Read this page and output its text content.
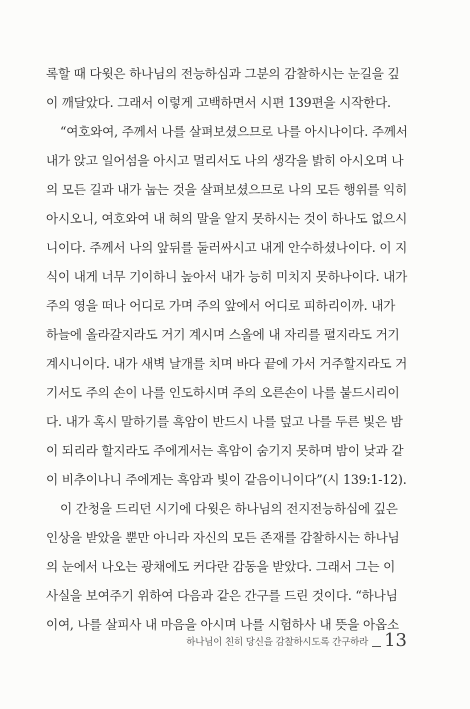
록할 때 다윗은 하나님의 전능하심과 그분의 감찰하시는 눈길을 깊
이 깨달았다. 그래서 이렇게 고백하면서 시편 139편을 시작한다.
“여호와여, 주께서 나를 살펴보셨으므로 나를 아시나이다. 주께서
내가 앉고 일어섬을 아시고 멀리서도 나의 생각을 밝히 아시오며 나
의 모든 길과 내가 눕는 것을 살펴보셨으므로 나의 모든 행위를 익히
아시오니, 여호와여 내 혀의 말을 알지 못하시는 것이 하나도 없으시
니이다. 주께서 나의 앞뒤를 둘러싸시고 내게 안수하셨나이다. 이 지
식이 내게 너무 기이하니 높아서 내가 능히 미치지 못하나이다. 내가
주의 영을 떠나 어디로 가며 주의 앞에서 어디로 피하리이까. 내가
하늘에 올라갈지라도 거기 계시며 스올에 내 자리를 펼지라도 거기
계시니이다. 내가 새벽 날개를 치며 바다 끝에 가서 거주할지라도 거
기서도 주의 손이 나를 인도하시며 주의 오른손이 나를 붙드시리이
다. 내가 혹시 말하기를 흑암이 반드시 나를 덮고 나를 두른 빛은 밤
이 되리라 할지라도 주에게서는 흑암이 숨기지 못하며 밤이 낮과 같
이 비추이나니 주에게는 흑암과 빛이 같음이니이다”(시 139:1-12).
이 간청을 드리던 시기에 다윗은 하나님의 전지전능하심에 깊은
인상을 받았을 뿐만 아니라 자신의 모든 존재를 감찰하시는 하나님
의 눈에서 나오는 광채에도 커다란 감동을 받았다. 그래서 그는 이
사실을 보여주기 위하여 다음과 같은 간구를 드린 것이다. “하나님
이여, 나를 살피사 내 마음을 아시며 나를 시험하사 내 뜻을 아옵소
하나님이 친히 당신을 감찰하시도록 간구하라 13
